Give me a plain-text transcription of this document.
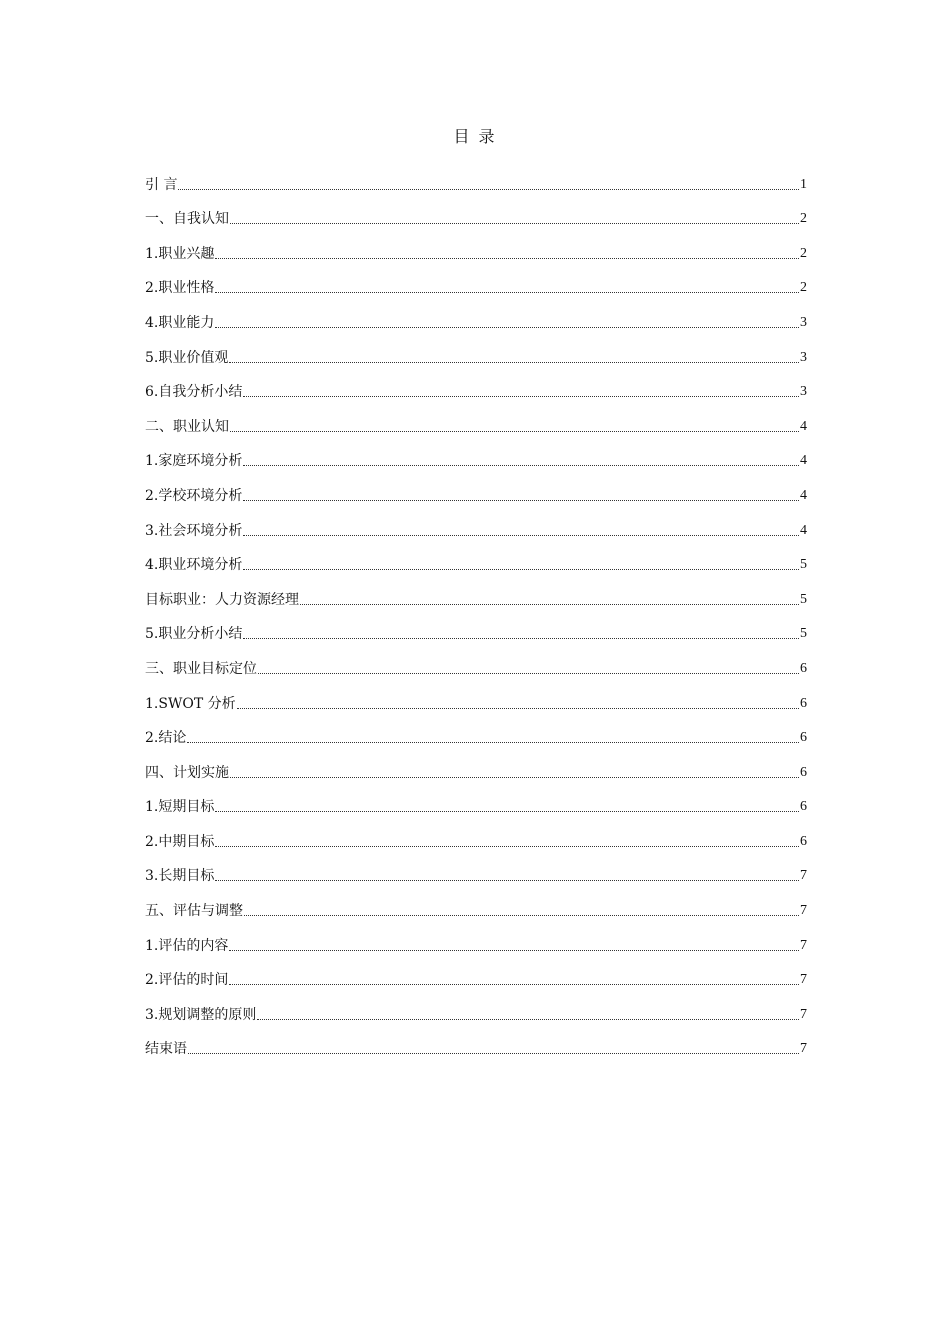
目 录
引 言	1
一、自我认知	2
1.职业兴趣	2
2.职业性格	2
4.职业能力	3
5.职业价值观	3
6.自我分析小结	3
二、职业认知	4
1.家庭环境分析	4
2.学校环境分析	4
3.社会环境分析	4
4.职业环境分析	5
目标职业：人力资源经理	5
5.职业分析小结	5
三、职业目标定位	6
1.SWOT 分析	6
2.结论	6
四、计划实施	6
1.短期目标	6
2.中期目标	6
3.长期目标	7
五、评估与调整	7
1.评估的内容	7
2.评估的时间	7
3.规划调整的原则	7
结束语	7
